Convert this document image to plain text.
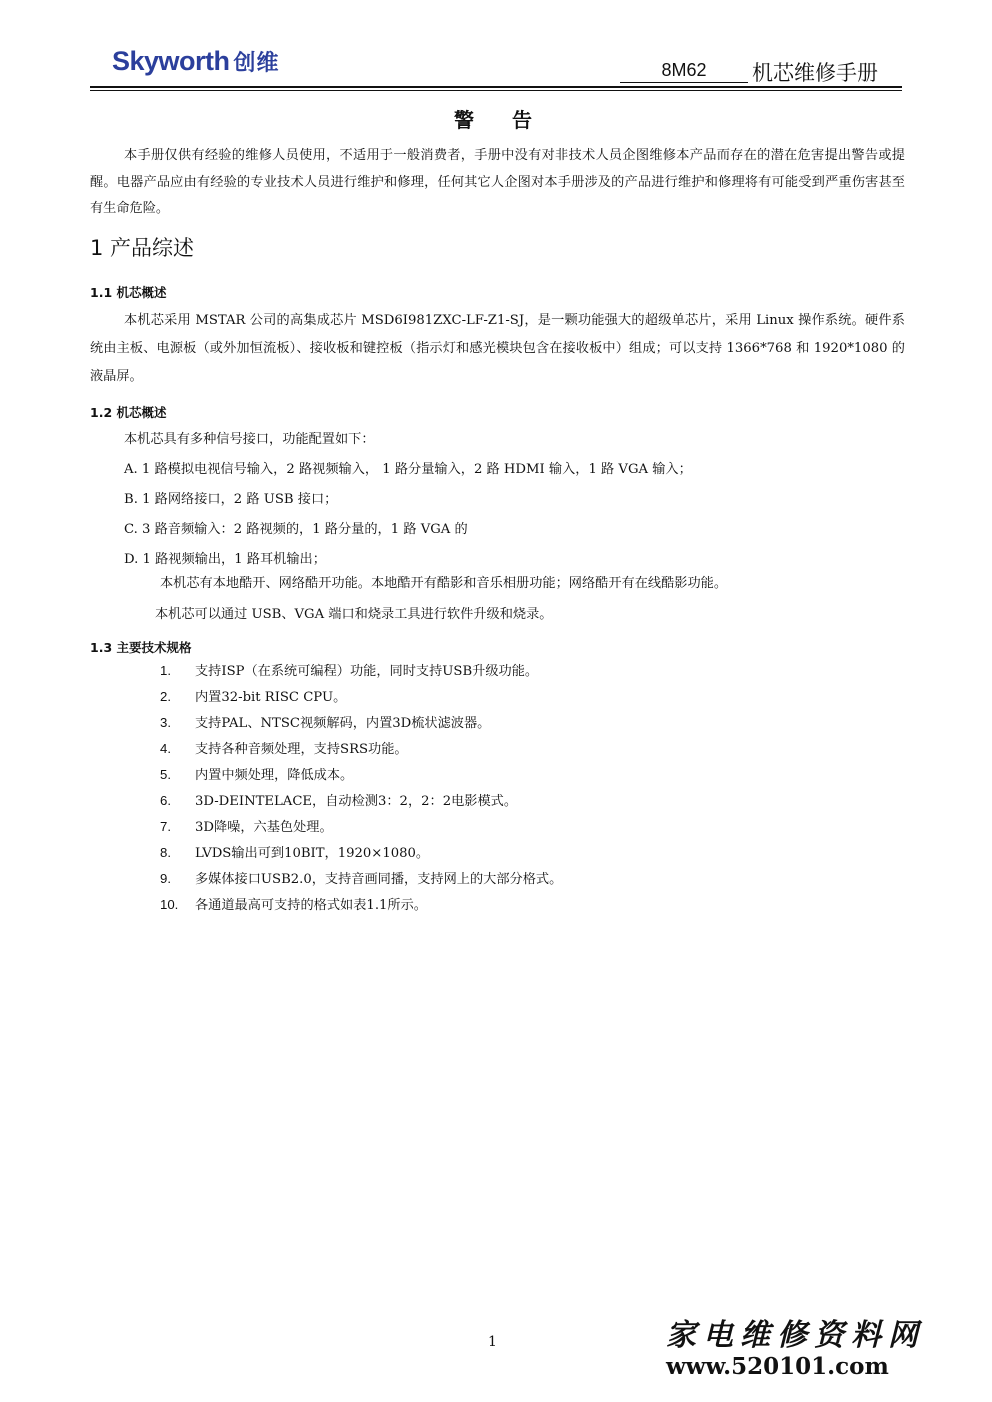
Skyworth 创维	8M62	机芯维修手册
警告
本手册仅供有经验的维修人员使用，不适用于一般消费者，手册中没有对非技术人员企图维修本产品而存在的潜在危害提出警告或提醒。电器产品应由有经验的专业技术人员进行维护和修理，任何其它人企图对本手册涉及的产品进行维护和修理将有可能受到严重伤害甚至有生命危险。
1 产品综述
1.1 机芯概述
本机芯采用 MSTAR 公司的高集成芯片 MSD6I981ZXC-LF-Z1-SJ，是一颗功能强大的超级单芯片，采用 Linux 操作系统。硬件系统由主板、电源板（或外加恒流板）、接收板和键控板（指示灯和感光模块包含在接收板中）组成；可以支持 1366*768 和 1920*1080 的液晶屏。
1.2 机芯概述
本机芯具有多种信号接口，功能配置如下：
A. 1 路模拟电视信号输入，2 路视频输入， 1 路分量输入，2 路 HDMI 输入，1 路 VGA 输入；
B. 1 路网络接口，2 路 USB 接口；
C. 3 路音频输入：2 路视频的，1 路分量的，1 路 VGA 的
D. 1 路视频输出，1 路耳机输出；
本机芯有本地酷开、网络酷开功能。本地酷开有酷影和音乐相册功能；网络酷开有在线酷影功能。
本机芯可以通过 USB、VGA 端口和烧录工具进行软件升级和烧录。
1.3 主要技术规格
1. 支持ISP（在系统可编程）功能，同时支持USB升级功能。
2. 内置32-bit RISC CPU。
3. 支持PAL、NTSC视频解码，内置3D梳状滤波器。
4. 支持各种音频处理，支持SRS功能。
5. 内置中频处理，降低成本。
6. 3D-DEINTELACE，自动检测3：2，2：2电影模式。
7. 3D降噪，六基色处理。
8. LVDS输出可到10BIT，1920×1080。
9. 多媒体接口USB2.0，支持音画同播，支持网上的大部分格式。
10. 各通道最高可支持的格式如表1.1所示。
1	家电维修资料网
www.520101.com
